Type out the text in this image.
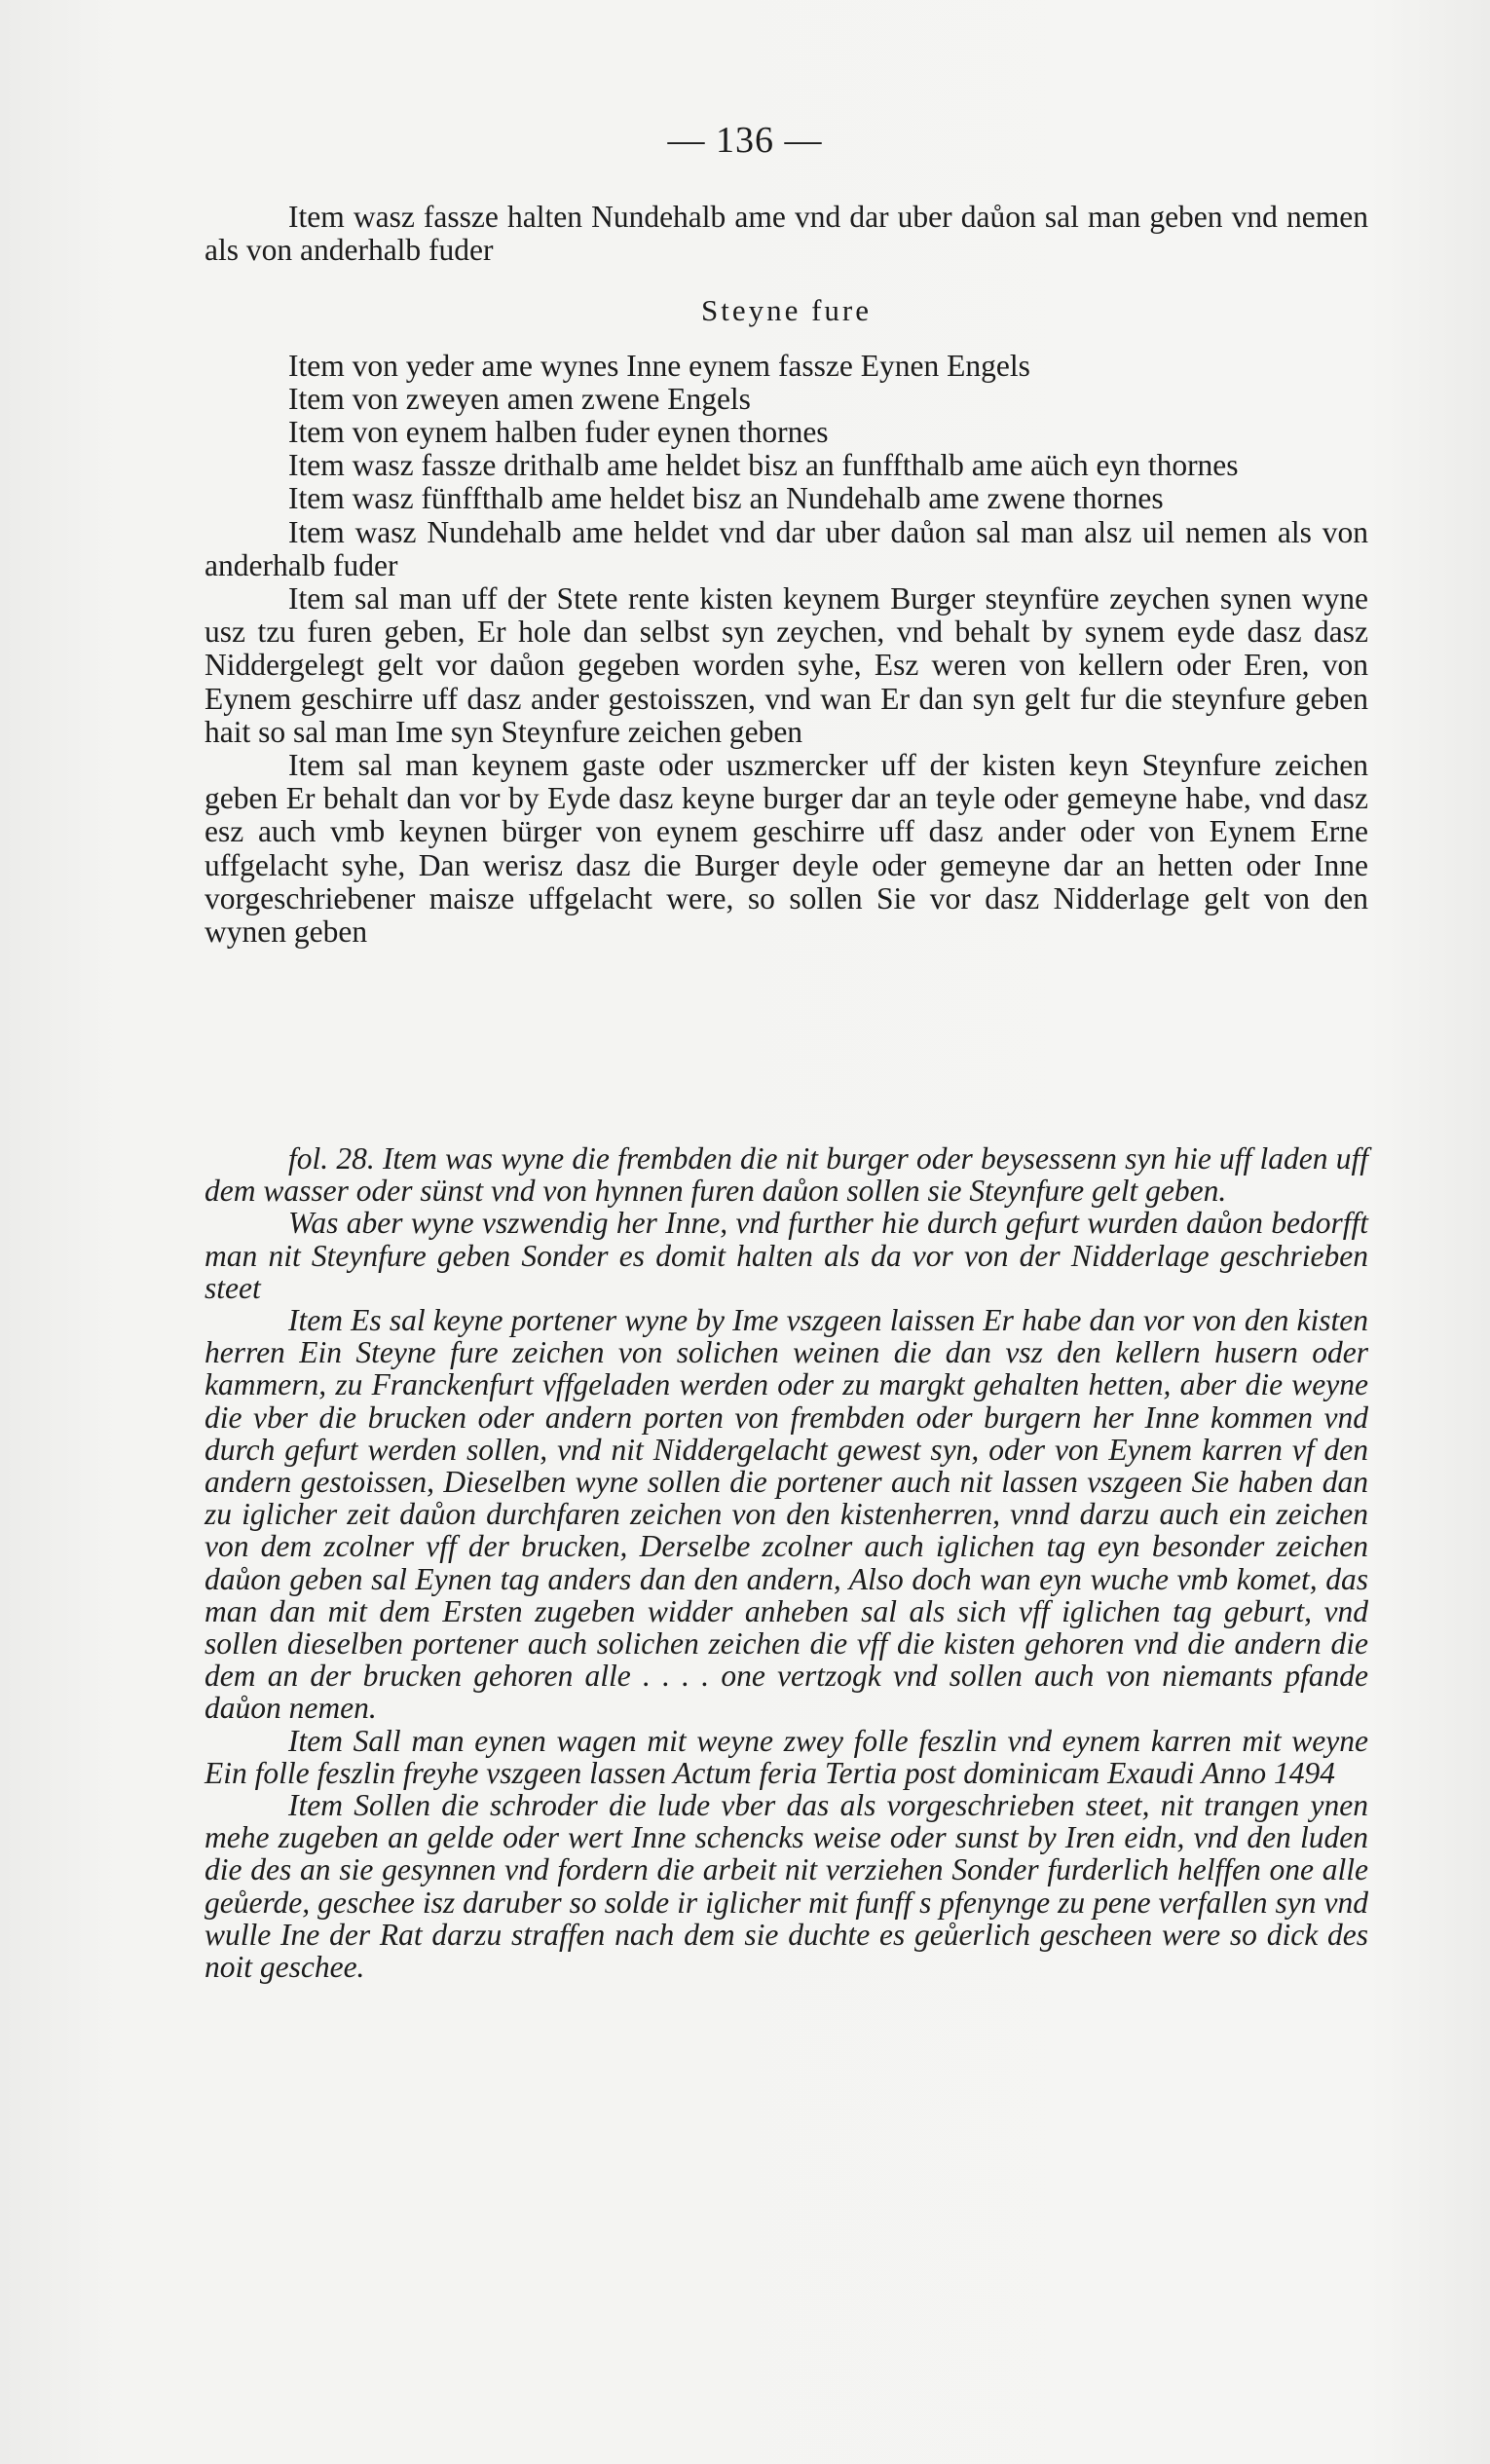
— 136 —

Item wasz fassze halten Nundehalb ame vnd dar uber daůon sal man geben vnd nemen als von anderhalb fuder

Steyne fure

Item von yeder ame wynes Inne eynem fassze Eynen Engels

Item von zweyen amen zwene Engels

Item von eynem halben fuder eynen thornes

Item wasz fassze drithalb ame heldet bisz an funffthalb ame aüch eyn thornes

Item wasz fünffthalb ame heldet bisz an Nundehalb ame zwene thornes

Item wasz Nundehalb ame heldet vnd dar uber daůon sal man alsz uil nemen als von anderhalb fuder

Item sal man uff der Stete rente kisten keynem Burger steynfüre zeychen synen wyne usz tzu furen geben, Er hole dan selbst syn zeychen, vnd behalt by synem eyde dasz dasz Niddergelegt gelt vor daůon gegeben worden syhe, Esz weren von kellern oder Eren, von Eynem geschirre uff dasz ander gestoisszen, vnd wan Er dan syn gelt fur die steynfure geben hait so sal man Ime syn Steynfure zeichen geben

Item sal man keynem gaste oder uszmercker uff der kisten keyn Steynfure zeichen geben Er behalt dan vor by Eyde dasz keyne burger dar an teyle oder gemeyne habe, vnd dasz esz auch vmb keynen bürger von eynem geschirre uff dasz ander oder von Eynem Erne uffgelacht syhe, Dan werisz dasz die Burger deyle oder gemeyne dar an hetten oder Inne vorgeschriebener maisze uffgelacht were, so sollen Sie vor dasz Nidderlage gelt von den wynen geben

fol. 28. Item was wyne die frembden die nit burger oder beysessenn syn hie uff laden uff dem wasser oder sünst vnd von hynnen furen daůon sollen sie Steynfure gelt geben.

Was aber wyne vszwendig her Inne, vnd further hie durch gefurt wurden daůon bedorfft man nit Steynfure geben Sonder es domit halten als da vor von der Nidderlage geschrieben steet

Item Es sal keyne portener wyne by Ime vszgeen laissen Er habe dan vor von den kisten herren Ein Steyne fure zeichen von solichen weinen die dan vsz den kellern husern oder kammern, zu Franckenfurt vffgeladen werden oder zu margkt gehalten hetten, aber die weyne die vber die brucken oder andern porten von frembden oder burgern her Inne kommen vnd durch gefurt werden sollen, vnd nit Niddergelacht gewest syn, oder von Eynem karren vf den andern gestoissen, Dieselben wyne sollen die portener auch nit lassen vszgeen Sie haben dan zu iglicher zeit daůon durchfaren zeichen von den kistenherren, vnnd darzu auch ein zeichen von dem zcolner vff der brucken, Derselbe zcolner auch iglichen tag eyn besonder zeichen daůon geben sal Eynen tag anders dan den andern, Also doch wan eyn wuche vmb komet, das man dan mit dem Ersten zugeben widder anheben sal als sich vff iglichen tag geburt, vnd sollen dieselben portener auch solichen zeichen die vff die kisten gehoren vnd die andern die dem an der brucken gehoren alle . . . . one vertzogk vnd sollen auch von niemants pfande daůon nemen.

Item Sall man eynen wagen mit weyne zwey folle feszlin vnd eynem karren mit weyne Ein folle feszlin freyhe vszgeen lassen Actum feria Tertia post dominicam Exaudi Anno 1494

Item Sollen die schroder die lude vber das als vorgeschrieben steet, nit trangen ynen mehe zugeben an gelde oder wert Inne schencks weise oder sunst by Iren eidn, vnd den luden die des an sie gesynnen vnd fordern die arbeit nit verziehen Sonder furderlich helffen one alle geůerde, geschee isz daruber so solde ir iglicher mit funff s pfenynge zu pene verfallen syn vnd wulle Ine der Rat darzu straffen nach dem sie duchte es geůerlich gescheen were so dick des noit geschee.
